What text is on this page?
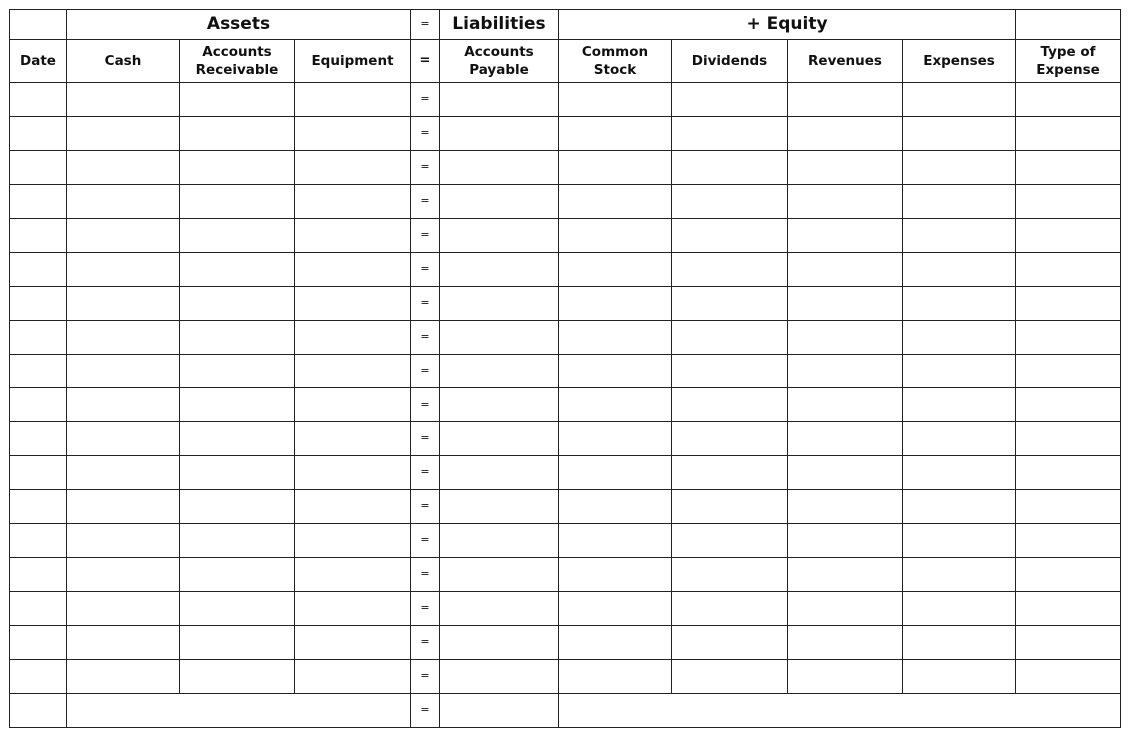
	Assets			=	Liabilities	+ Equity				
Date	Cash	Accounts Receivable	Equipment	=	Accounts Payable	Common Stock	Dividends	Revenues	Expenses	Type of Expense
				=						
				=						
				=						
				=						
				=						
				=						
				=						
				=						
				=						
				=						
				=						
				=						
				=						
				=						
				=						
				=						
				=						
				=						
				=						
